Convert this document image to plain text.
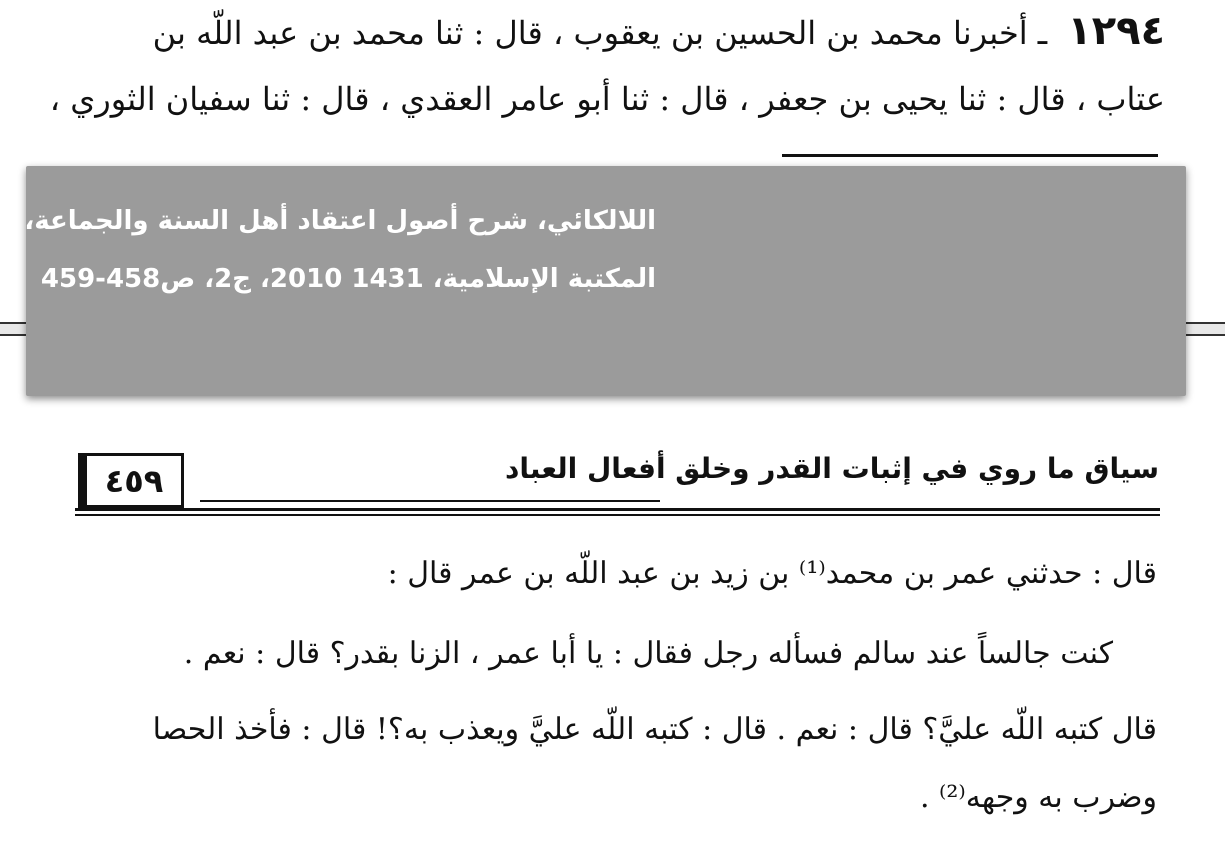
١٢٩٤ ـ أخبرنا محمد بن الحسين بن يعقوب ، قال : ثنا محمد بن عبد اللّه بن
عتاب ، قال : ثنا يحيى بن جعفر ، قال : ثنا أبو عامر العقدي ، قال : ثنا سفيان الثوري ،
اللالكائي، شرح أصول اعتقاد أهل السنة والجماعة،
المكتبة الإسلامية، 1431 2010، ج2، ص458-459
٤٥٩	سياق ما روي في إثبات القدر وخلق أفعال العباد
قال : حدثني عمر بن محمد⁽¹⁾ بن زيد بن عبد اللّه بن عمر قال :
كنت جالساً عند سالم فسأله رجل فقال : يا أبا عمر ، الزنا بقدر؟ قال : نعم .
قال كتبه اللّه عليَّ؟ قال : نعم . قال : كتبه اللّه عليَّ ويعذب به؟! قال : فأخذ الحصا
وضرب به وجهه⁽²⁾ .
